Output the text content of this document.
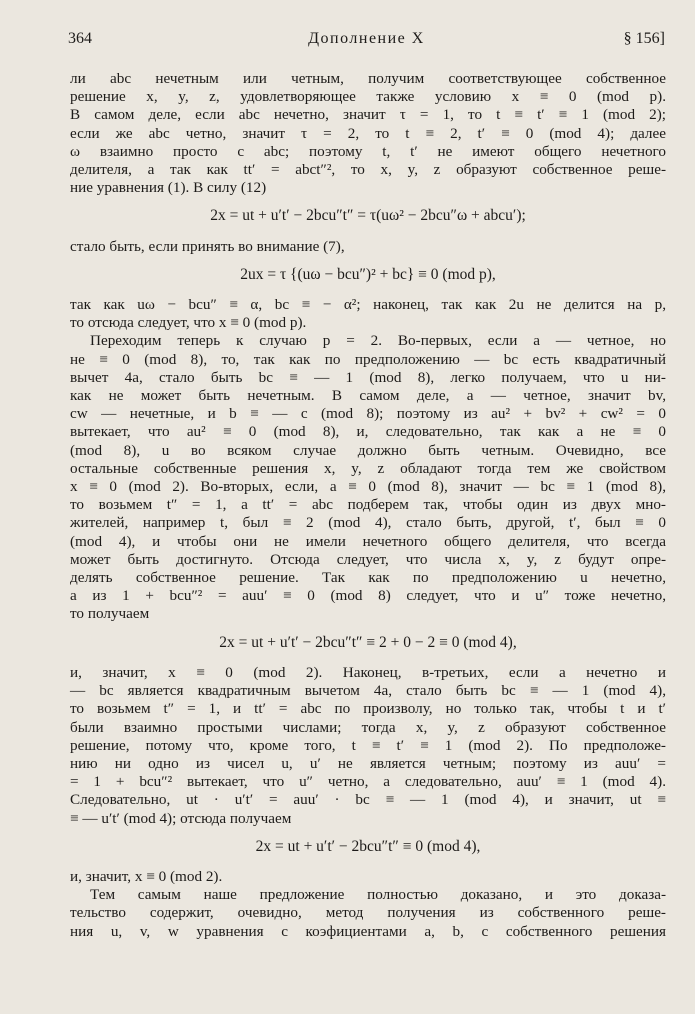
364	Дополнение X	§ 156]

ли abc нечетным или четным, получим соответствующее собственное
решение x, y, z, удовлетворяющее также условию x ≡ 0 (mod p).
В самом деле, если abc нечетно, значит τ = 1, то t ≡ t′ ≡ 1 (mod 2);
если же abc четно, значит τ = 2, то t ≡ 2, t′ ≡ 0 (mod 4); далее
ω взаимно просто с abc; поэтому t, t′ не имеют общего нечетного
делителя, а так как tt′ = abct″², то x, y, z образуют собственное реше-
ние уравнения (1). В силу (12)

2x = ut + u′t′ − 2bcu″t″ = τ(uω² − 2bcu″ω + abcu′);

стало быть, если принять во внимание (7),

2ux = τ {(uω − bcu″)² + bc} ≡ 0 (mod p),

так как uω − bcu″ ≡ α, bc ≡ − α²; наконец, так как 2u не делится на p,
то отсюда следует, что x ≡ 0 (mod p).

Переходим теперь к случаю p = 2. Во-первых, если a — четное, но
не ≡ 0 (mod 8), то, так как по предположению — bc есть квадратичный
вычет 4a, стало быть bc ≡ — 1 (mod 8), легко получаем, что u ни-
как не может быть нечетным. В самом деле, a — четное, значит bv,
cw — нечетные, и b ≡ — c (mod 8); поэтому из au² + bv² + cw² = 0
вытекает, что au² ≡ 0 (mod 8), и, следовательно, так как a не ≡ 0
(mod 8), u во всяком случае должно быть четным. Очевидно, все
остальные собственные решения x, y, z обладают тогда тем же свойством
x ≡ 0 (mod 2). Во-вторых, если, a ≡ 0 (mod 8), значит — bc ≡ 1 (mod 8),
то возьмем t″ = 1, а tt′ = abc подберем так, чтобы один из двух мно-
жителей, например t, был ≡ 2 (mod 4), стало быть, другой, t′, был ≡ 0
(mod 4), и чтобы они не имели нечетного общего делителя, что всегда
может быть достигнуто. Отсюда следует, что числа x, y, z будут опре-
делять собственное решение. Так как по предположению u нечетно,
а из 1 + bcu″² = auu′ ≡ 0 (mod 8) следует, что и u″ тоже нечетно,
то получаем

2x = ut + u′t′ − 2bcu″t″ ≡ 2 + 0 − 2 ≡ 0 (mod 4),

и, значит, x ≡ 0 (mod 2). Наконец, в-третьих, если a нечетно и
— bc является квадратичным вычетом 4a, стало быть bc ≡ — 1 (mod 4),
то возьмем t″ = 1, и tt′ = abc по произволу, но только так, чтобы t и t′
были взаимно простыми числами; тогда x, y, z образуют собственное
решение, потому что, кроме того, t ≡ t′ ≡ 1 (mod 2). По предположе-
нию ни одно из чисел u, u′ не является четным; поэтому из auu′ =
= 1 + bcu″² вытекает, что u″ четно, а следовательно, auu′ ≡ 1 (mod 4).
Следовательно, ut · u′t′ = auu′ · bc ≡ — 1 (mod 4), и значит, ut ≡
≡ — u′t′ (mod 4); отсюда получаем

2x = ut + u′t′ − 2bcu″t″ ≡ 0 (mod 4),

и, значит, x ≡ 0 (mod 2).

Тем самым наше предложение полностью доказано, и это доказа-
тельство содержит, очевидно, метод получения из собственного реше-
ния u, v, w уравнения с коэфициентами a, b, c собственного решения
